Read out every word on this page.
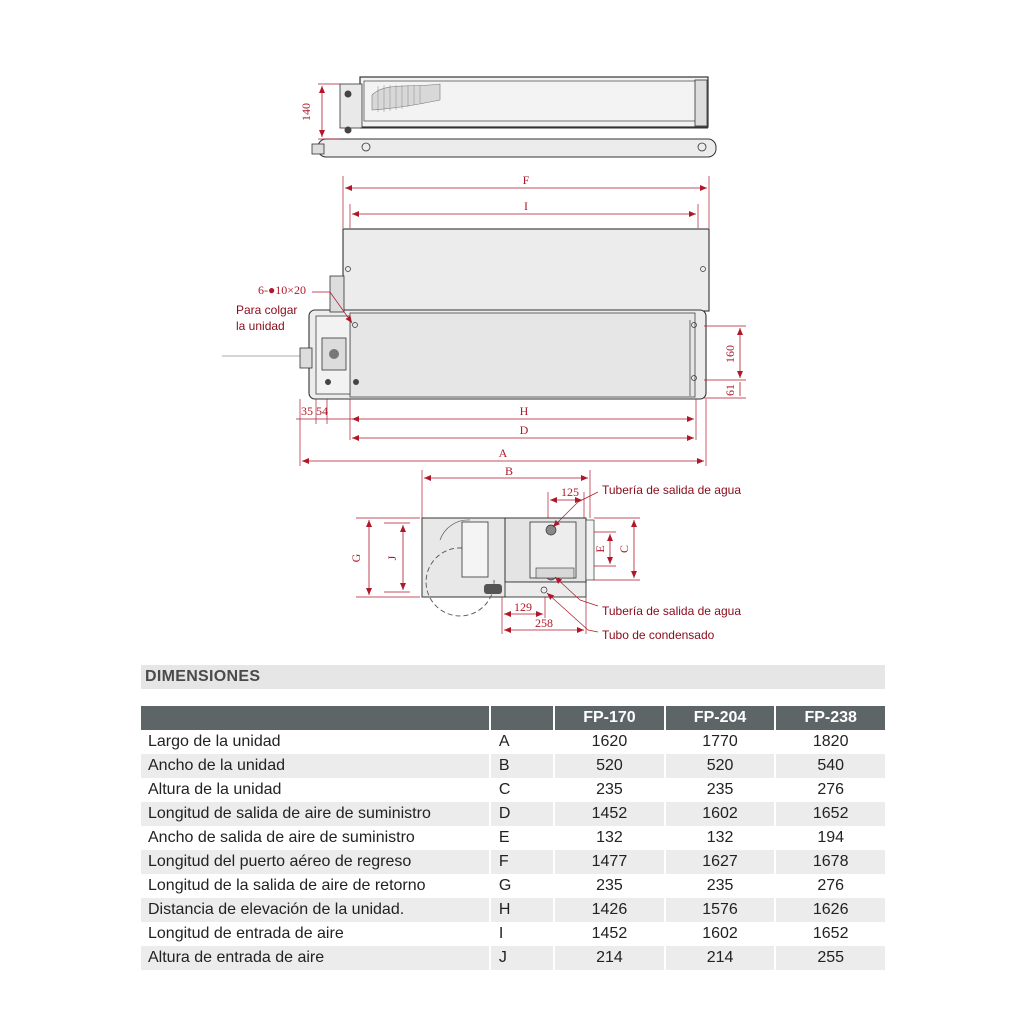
140
F
I
6-●10×20
Para colgar
la unidad
160
61
35 54	H
D
A
B
125
G J
E C
129
258
Tubería de salida de agua
Tubería de salida de agua
Tubo de condensado
DIMENSIONES
		FP-170	FP-204	FP-238
Largo de la unidad	A	1620	1770	1820
Ancho de la unidad	B	520	520	540
Altura de la unidad	C	235	235	276
Longitud de salida de aire de suministro	D	1452	1602	1652
Ancho de salida de aire de suministro	E	132	132	194
Longitud del puerto aéreo de regreso	F	1477	1627	1678
Longitud de la salida de aire de retorno	G	235	235	276
Distancia de elevación de la unidad.	H	1426	1576	1626
Longitud de entrada de aire	I	1452	1602	1652
Altura de entrada de aire	J	214	214	255
